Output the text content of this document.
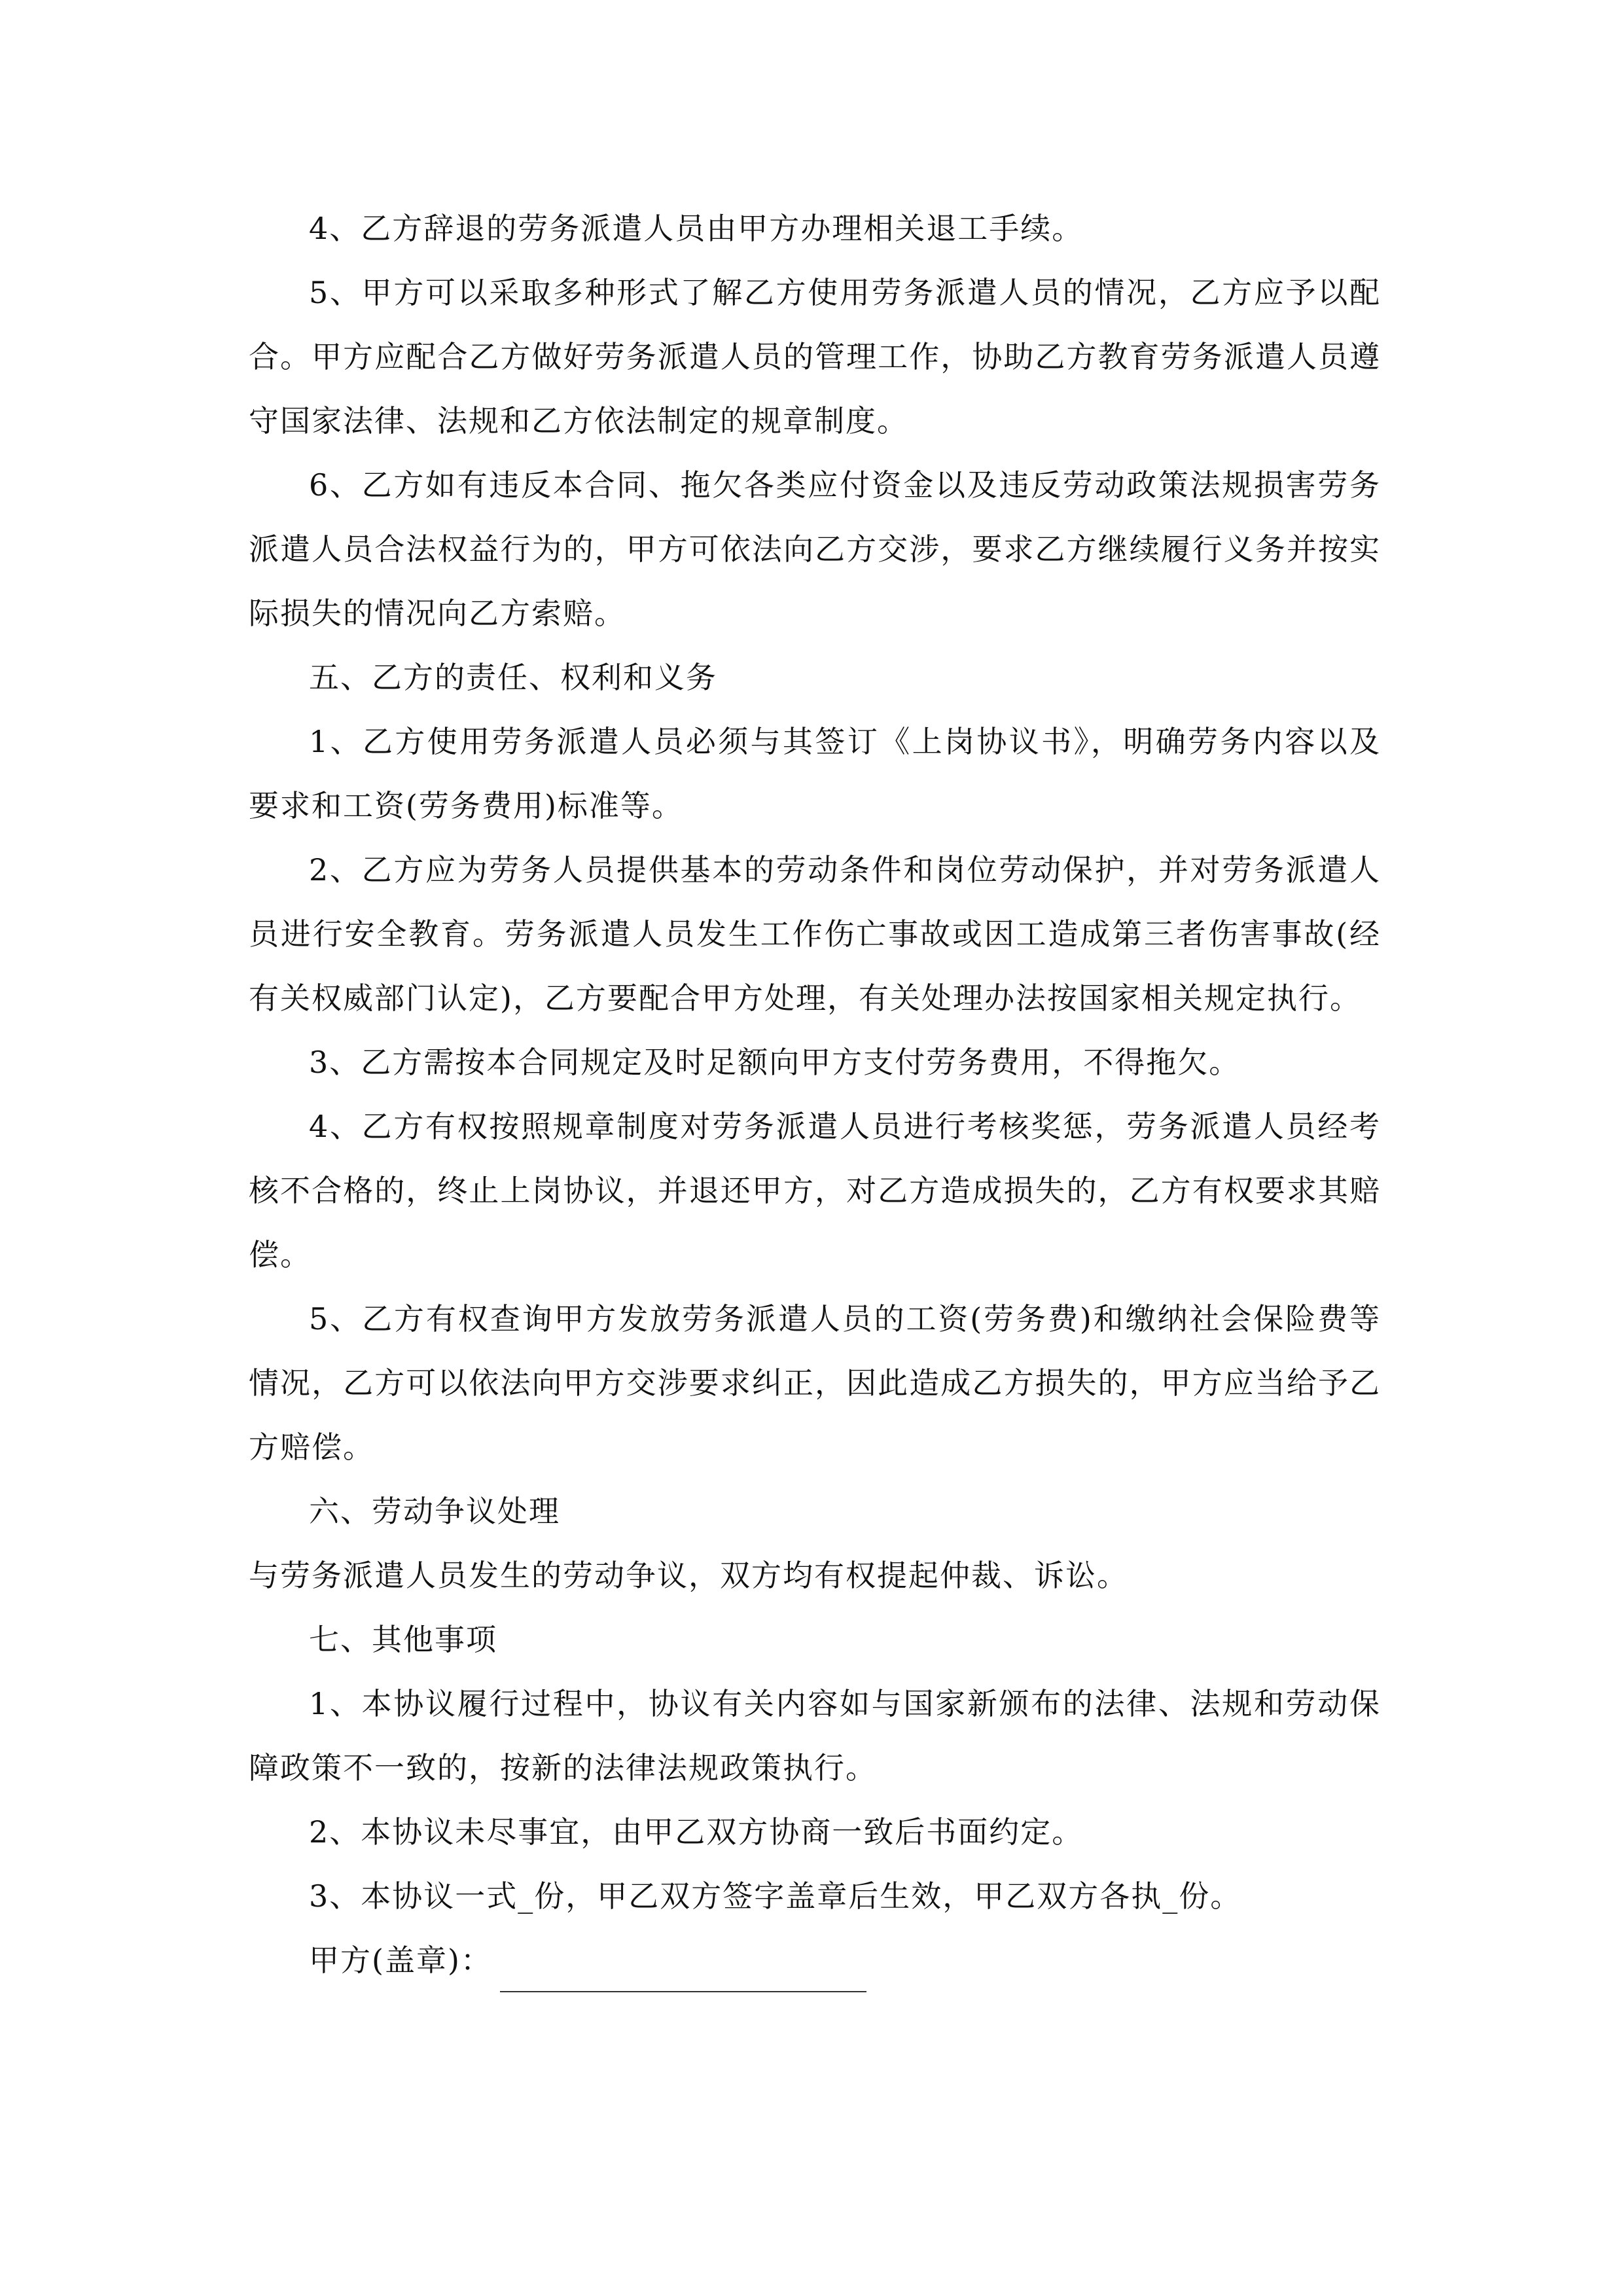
4、乙方辞退的劳务派遣人员由甲方办理相关退工手续。

5、甲方可以采取多种形式了解乙方使用劳务派遣人员的情况，乙方应予以配合。甲方应配合乙方做好劳务派遣人员的管理工作，协助乙方教育劳务派遣人员遵守国家法律、法规和乙方依法制定的规章制度。

6、乙方如有违反本合同、拖欠各类应付资金以及违反劳动政策法规损害劳务派遣人员合法权益行为的，甲方可依法向乙方交涉，要求乙方继续履行义务并按实际损失的情况向乙方索赔。

五、乙方的责任、权利和义务

1、乙方使用劳务派遣人员必须与其签订《上岗协议书》，明确劳务内容以及要求和工资(劳务费用)标准等。

2、乙方应为劳务人员提供基本的劳动条件和岗位劳动保护，并对劳务派遣人员进行安全教育。劳务派遣人员发生工作伤亡事故或因工造成第三者伤害事故(经有关权威部门认定)，乙方要配合甲方处理，有关处理办法按国家相关规定执行。

3、乙方需按本合同规定及时足额向甲方支付劳务费用，不得拖欠。

4、乙方有权按照规章制度对劳务派遣人员进行考核奖惩，劳务派遣人员经考核不合格的，终止上岗协议，并退还甲方，对乙方造成损失的，乙方有权要求其赔偿。

5、乙方有权查询甲方发放劳务派遣人员的工资(劳务费)和缴纳社会保险费等情况，乙方可以依法向甲方交涉要求纠正，因此造成乙方损失的，甲方应当给予乙方赔偿。

六、劳动争议处理

与劳务派遣人员发生的劳动争议，双方均有权提起仲裁、诉讼。

七、其他事项

1、本协议履行过程中，协议有关内容如与国家新颁布的法律、法规和劳动保障政策不一致的，按新的法律法规政策执行。

2、本协议未尽事宜，由甲乙双方协商一致后书面约定。

3、本协议一式_份，甲乙双方签字盖章后生效，甲乙双方各执_份。

甲方(盖章)：
